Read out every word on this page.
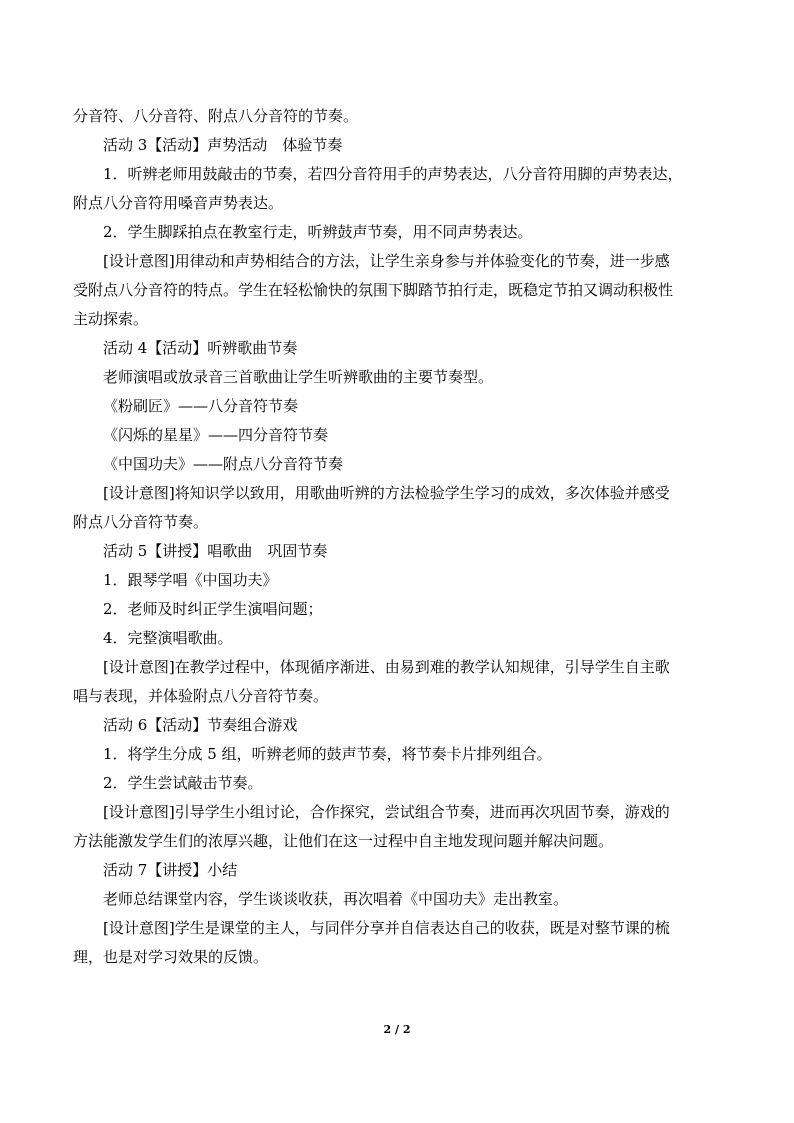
分音符、八分音符、附点八分音符的节奏。
活动 3【活动】声势活动　体验节奏
1．听辨老师用鼓敲击的节奏，若四分音符用手的声势表达，八分音符用脚的声势表达，
附点八分音符用嗓音声势表达。
2．学生脚踩拍点在教室行走，听辨鼓声节奏，用不同声势表达。
[设计意图]用律动和声势相结合的方法，让学生亲身参与并体验变化的节奏，进一步感
受附点八分音符的特点。学生在轻松愉快的氛围下脚踏节拍行走，既稳定节拍又调动积极性
主动探索。
活动 4【活动】听辨歌曲节奏
老师演唱或放录音三首歌曲让学生听辨歌曲的主要节奏型。
《粉刷匠》——八分音符节奏
《闪烁的星星》——四分音符节奏
《中国功夫》——附点八分音符节奏
[设计意图]将知识学以致用，用歌曲听辨的方法检验学生学习的成效，多次体验并感受
附点八分音符节奏。
活动 5【讲授】唱歌曲　巩固节奏
1．跟琴学唱《中国功夫》
2．老师及时纠正学生演唱问题；
4．完整演唱歌曲。
[设计意图]在教学过程中，体现循序渐进、由易到难的教学认知规律，引导学生自主歌
唱与表现，并体验附点八分音符节奏。
活动 6【活动】节奏组合游戏
1．将学生分成 5 组，听辨老师的鼓声节奏，将节奏卡片排列组合。
2．学生尝试敲击节奏。
[设计意图]引导学生小组讨论，合作探究，尝试组合节奏，进而再次巩固节奏，游戏的
方法能激发学生们的浓厚兴趣，让他们在这一过程中自主地发现问题并解决问题。
活动 7【讲授】小结
老师总结课堂内容，学生谈谈收获，再次唱着《中国功夫》走出教室。
[设计意图]学生是课堂的主人，与同伴分享并自信表达自己的收获，既是对整节课的梳
理，也是对学习效果的反馈。
2 / 2
